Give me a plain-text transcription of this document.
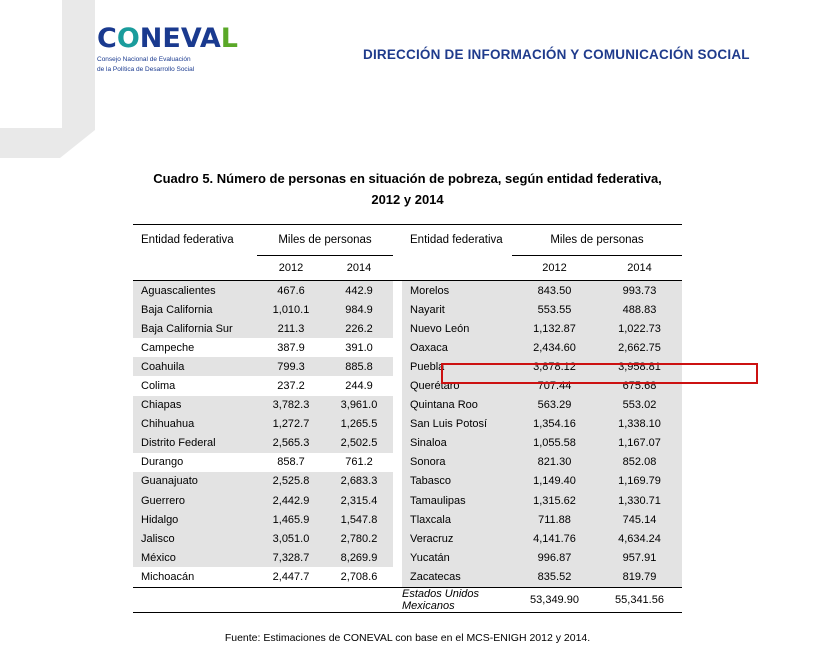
CONEVAL
Consejo Nacional de Evaluación
de la Política de Desarrollo Social
DIRECCIÓN DE INFORMACIÓN Y COMUNICACIÓN SOCIAL
Cuadro 5. Número de personas en situación de pobreza, según entidad federativa,
2012 y 2014
Entidad federativa	Miles de personas			Entidad federativa	Miles de personas	
	2012	2014			2012	2014
Aguascalientes	467.6	442.9		Morelos	843.50	993.73
Baja California	1,010.1	984.9		Nayarit	553.55	488.83
Baja California Sur	211.3	226.2		Nuevo León	1,132.87	1,022.73
Campeche	387.9	391.0		Oaxaca	2,434.60	2,662.75
Coahuila	799.3	885.8		Puebla	3,878.12	3,958.81
Colima	237.2	244.9		Querétaro	707.44	675.68
Chiapas	3,782.3	3,961.0		Quintana Roo	563.29	553.02
Chihuahua	1,272.7	1,265.5		San Luis Potosí	1,354.16	1,338.10
Distrito Federal	2,565.3	2,502.5		Sinaloa	1,055.58	1,167.07
Durango	858.7	761.2		Sonora	821.30	852.08
Guanajuato	2,525.8	2,683.3		Tabasco	1,149.40	1,169.79
Guerrero	2,442.9	2,315.4		Tamaulipas	1,315.62	1,330.71
Hidalgo	1,465.9	1,547.8		Tlaxcala	711.88	745.14
Jalisco	3,051.0	2,780.2		Veracruz	4,141.76	4,634.24
México	7,328.7	8,269.9		Yucatán	996.87	957.91
Michoacán	2,447.7	2,708.6		Zacatecas	835.52	819.79
				Estados Unidos
Mexicanos	53,349.90	55,341.56

Fuente: Estimaciones de CONEVAL con base en el MCS-ENIGH 2012 y 2014.
